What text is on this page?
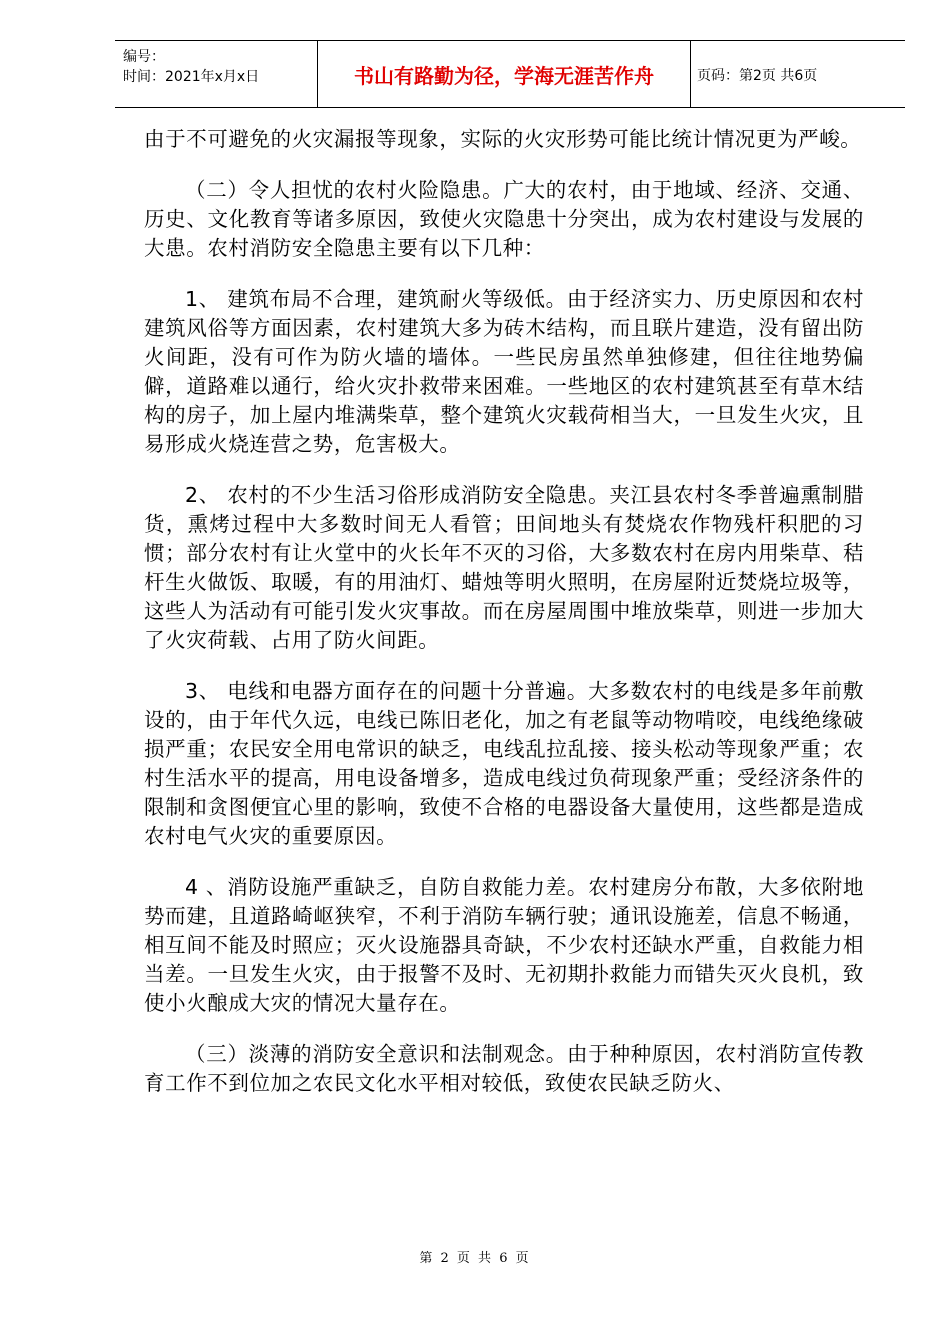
编号：
时间：2021年x月x日	书山有路勤为径，学海无涯苦作舟	页码：第2页 共6页

由于不可避免的火灾漏报等现象，实际的火灾形势可能比统计情况更为严峻。

（二）令人担忧的农村火险隐患。广大的农村，由于地域、经济、交通、历史、文化教育等诸多原因，致使火灾隐患十分突出，成为农村建设与发展的大患。农村消防安全隐患主要有以下几种：

1、 建筑布局不合理，建筑耐火等级低。由于经济实力、历史原因和农村建筑风俗等方面因素，农村建筑大多为砖木结构，而且联片建造，没有留出防火间距，没有可作为防火墙的墙体。一些民房虽然单独修建，但往往地势偏僻，道路难以通行，给火灾扑救带来困难。一些地区的农村建筑甚至有草木结构的房子，加上屋内堆满柴草，整个建筑火灾载荷相当大，一旦发生火灾，且易形成火烧连营之势，危害极大。

2、 农村的不少生活习俗形成消防安全隐患。夹江县农村冬季普遍熏制腊货，熏烤过程中大多数时间无人看管；田间地头有焚烧农作物残杆积肥的习惯；部分农村有让火堂中的火长年不灭的习俗，大多数农村在房内用柴草、秸杆生火做饭、取暖，有的用油灯、蜡烛等明火照明，在房屋附近焚烧垃圾等，这些人为活动有可能引发火灾事故。而在房屋周围中堆放柴草，则进一步加大了火灾荷载、占用了防火间距。

3、 电线和电器方面存在的问题十分普遍。大多数农村的电线是多年前敷设的，由于年代久远，电线已陈旧老化，加之有老鼠等动物啃咬，电线绝缘破损严重；农民安全用电常识的缺乏，电线乱拉乱接、接头松动等现象严重；农村生活水平的提高，用电设备增多，造成电线过负荷现象严重；受经济条件的限制和贪图便宜心里的影响，致使不合格的电器设备大量使用，这些都是造成农村电气火灾的重要原因。

4 、消防设施严重缺乏，自防自救能力差。农村建房分布散，大多依附地势而建，且道路崎岖狭窄，不利于消防车辆行驶；通讯设施差，信息不畅通，相互间不能及时照应；灭火设施器具奇缺，不少农村还缺水严重，自救能力相当差。一旦发生火灾，由于报警不及时、无初期扑救能力而错失灭火良机，致使小火酿成大灾的情况大量存在。

（三）淡薄的消防安全意识和法制观念。由于种种原因，农村消防宣传教育工作不到位加之农民文化水平相对较低，致使农民缺乏防火、

第 2 页 共 6 页
